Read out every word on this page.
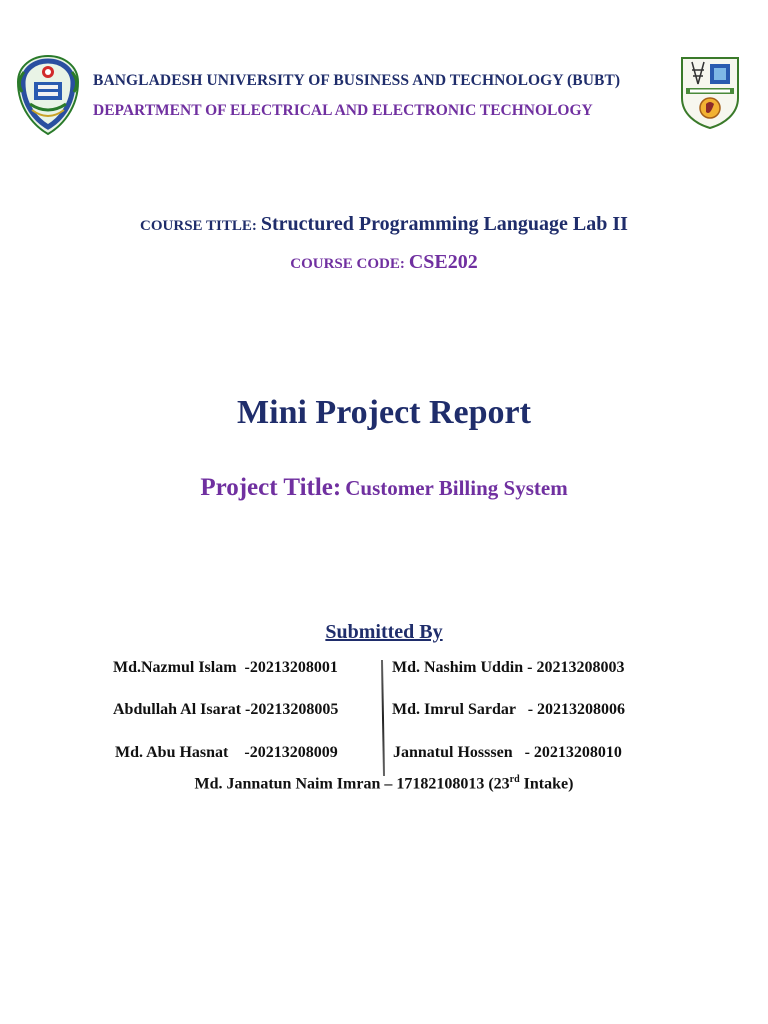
BANGLADESH UNIVERSITY OF BUSINESS AND TECHNOLOGY (BUBT)
DEPARTMENT OF ELECTRICAL AND ELECTRONIC TECHNOLOGY
COURSE TITLE: Structured Programming Language Lab II
COURSE CODE: CSE202
Mini Project Report
Project Title: Customer Billing System
Submitted By
Md.Nazmul Islam  -20213208001
Abdullah Al Isarat -20213208005
Md. Abu Hasnat    -20213208009
Md. Nashim Uddin - 20213208003
Md. Imrul Sardar   - 20213208006
Jannatul Hosssen   - 20213208010
Md. Jannatun Naim Imran – 17182108013 (23rd Intake)
